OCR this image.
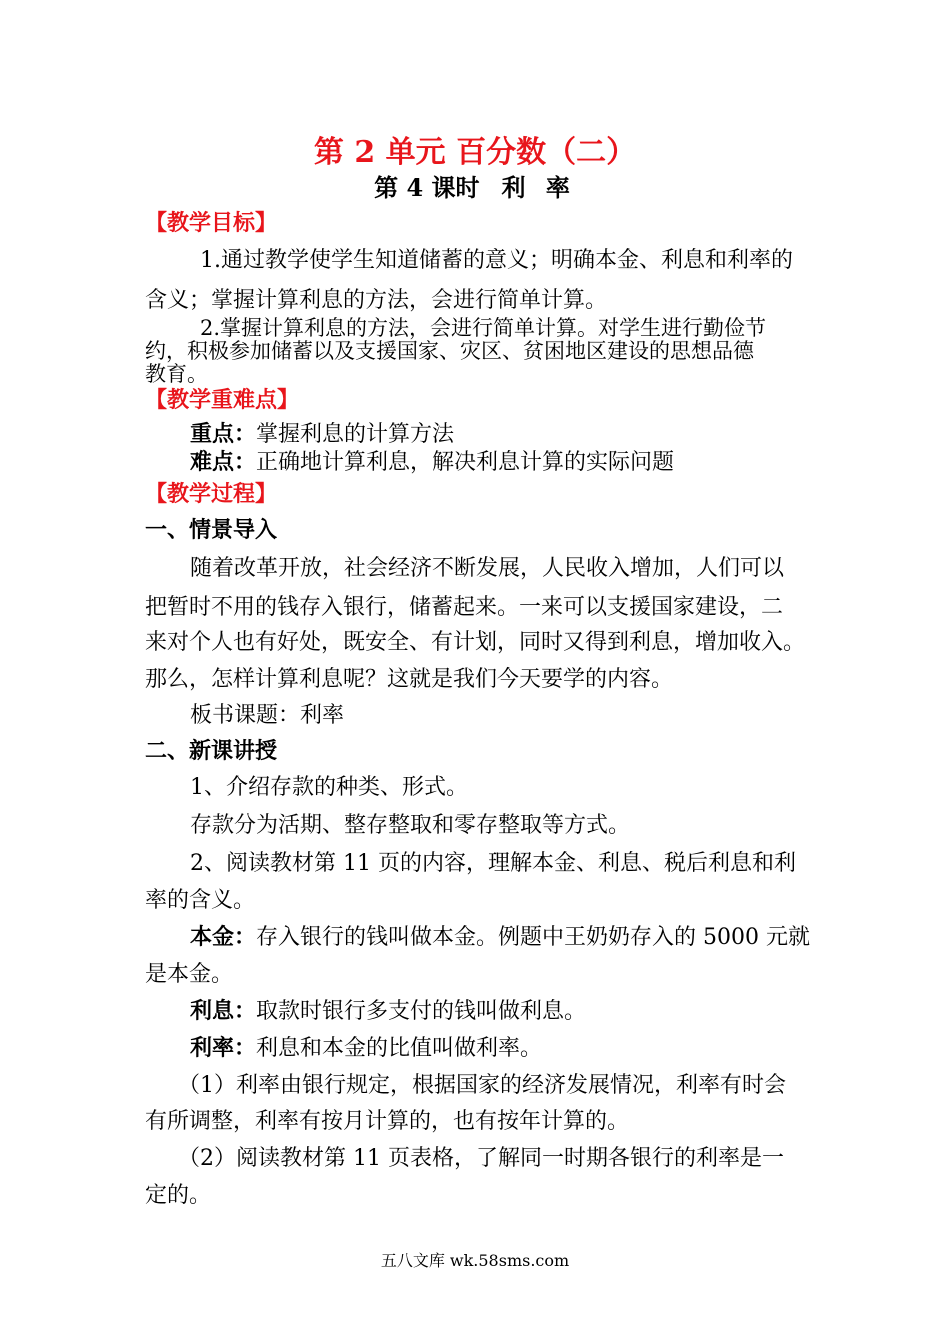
第 2 单元 百分数（二）
第 4 课时 利 率
【教学目标】
1.通过教学使学生知道储蓄的意义；明确本金、利息和利率的
含义；掌握计算利息的方法，会进行简单计算。
2.掌握计算利息的方法，会进行简单计算。对学生进行勤俭节
约，积极参加储蓄以及支援国家、灾区、贫困地区建设的思想品德
教育。
【教学重难点】
重点：掌握利息的计算方法
难点：正确地计算利息，解决利息计算的实际问题
【教学过程】
一、情景导入
随着改革开放，社会经济不断发展，人民收入增加，人们可以
把暂时不用的钱存入银行，储蓄起来。一来可以支援国家建设，二
来对个人也有好处，既安全、有计划，同时又得到利息，增加收入。
那么，怎样计算利息呢？这就是我们今天要学的内容。
板书课题：利率
二、新课讲授
1、介绍存款的种类、形式。
存款分为活期、整存整取和零存整取等方式。
2、阅读教材第 11 页的内容，理解本金、利息、税后利息和利
率的含义。
本金：存入银行的钱叫做本金。例题中王奶奶存入的 5000 元就
是本金。
利息：取款时银行多支付的钱叫做利息。
利率：利息和本金的比值叫做利率。
（1）利率由银行规定，根据国家的经济发展情况，利率有时会
有所调整，利率有按月计算的，也有按年计算的。
（2）阅读教材第 11 页表格，了解同一时期各银行的利率是一
定的。
五八文库 wk.58sms.com
